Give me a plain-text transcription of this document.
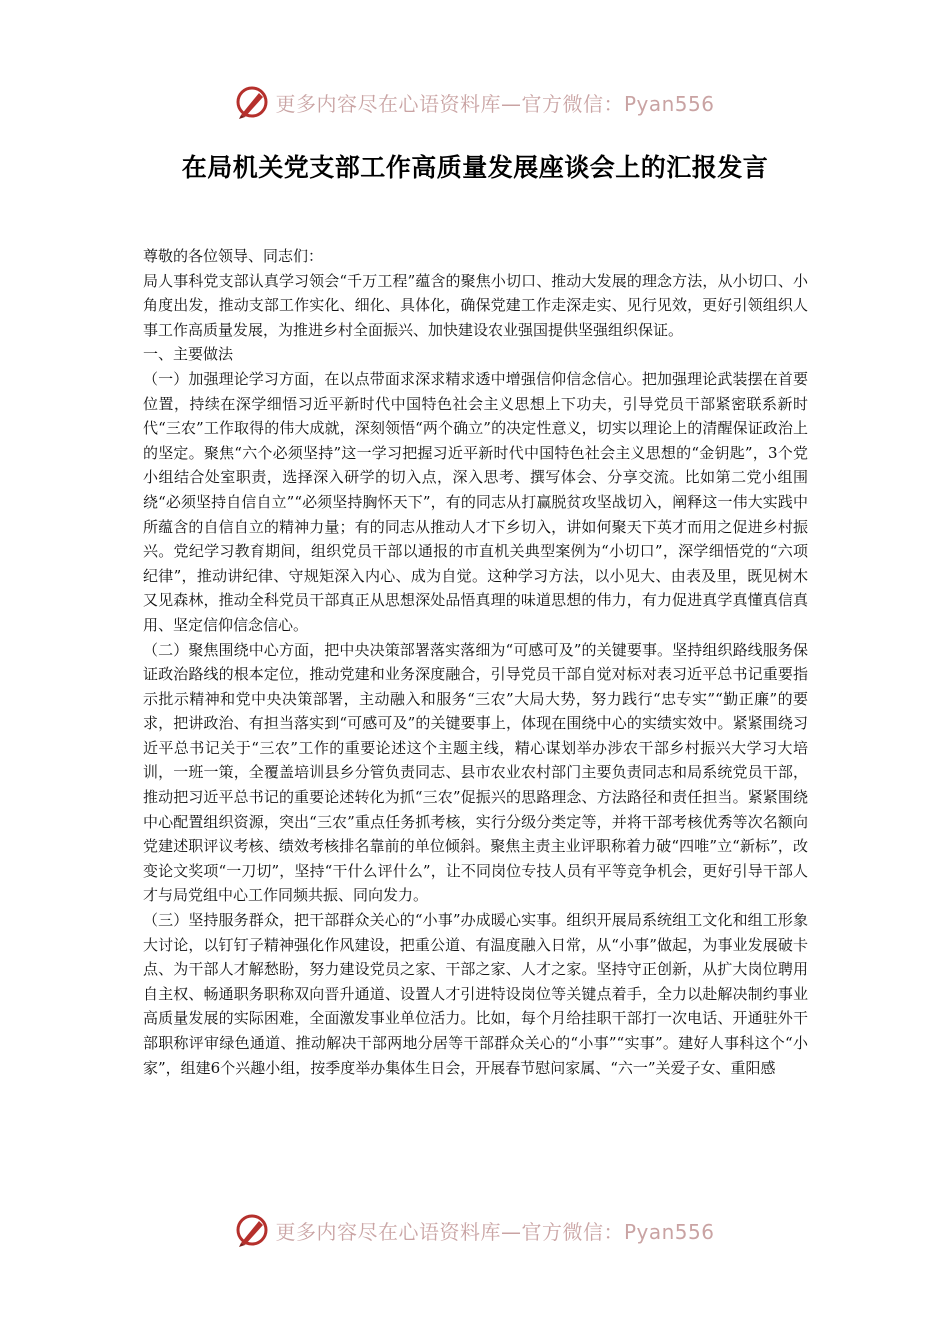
更多内容尽在心语资料库—官方微信：Pyan556
在局机关党支部工作高质量发展座谈会上的汇报发言

尊敬的各位领导、同志们：

局人事科党支部认真学习领会“千万工程”蕴含的聚焦小切口、推动大发展的理念方法，从小切口、小角度出发，推动支部工作实化、细化、具体化，确保党建工作走深走实、见行见效，更好引领组织人事工作高质量发展，为推进乡村全面振兴、加快建设农业强国提供坚强组织保证。

一、主要做法

（一）加强理论学习方面，在以点带面求深求精求透中增强信仰信念信心。把加强理论武装摆在首要位置，持续在深学细悟习近平新时代中国特色社会主义思想上下功夫，引导党员干部紧密联系新时代“三农”工作取得的伟大成就，深刻领悟“两个确立”的决定性意义，切实以理论上的清醒保证政治上的坚定。聚焦“六个必须坚持”这一学习把握习近平新时代中国特色社会主义思想的“金钥匙”，3个党小组结合处室职责，选择深入研学的切入点，深入思考、撰写体会、分享交流。比如第二党小组围绕“必须坚持自信自立”“必须坚持胸怀天下”，有的同志从打赢脱贫攻坚战切入，阐释这一伟大实践中所蕴含的自信自立的精神力量；有的同志从推动人才下乡切入，讲如何聚天下英才而用之促进乡村振兴。党纪学习教育期间，组织党员干部以通报的市直机关典型案例为“小切口”，深学细悟党的“六项纪律”，推动讲纪律、守规矩深入内心、成为自觉。这种学习方法，以小见大、由表及里，既见树木又见森林，推动全科党员干部真正从思想深处品悟真理的味道思想的伟力，有力促进真学真懂真信真用、坚定信仰信念信心。

（二）聚焦围绕中心方面，把中央决策部署落实落细为“可感可及”的关键要事。坚持组织路线服务保证政治路线的根本定位，推动党建和业务深度融合，引导党员干部自觉对标对表习近平总书记重要指示批示精神和党中央决策部署，主动融入和服务“三农”大局大势，努力践行“忠专实”“勤正廉”的要求，把讲政治、有担当落实到“可感可及”的关键要事上，体现在围绕中心的实绩实效中。紧紧围绕习近平总书记关于“三农”工作的重要论述这个主题主线，精心谋划举办涉农干部乡村振兴大学习大培训，一班一策，全覆盖培训县乡分管负责同志、县市农业农村部门主要负责同志和局系统党员干部，推动把习近平总书记的重要论述转化为抓“三农”促振兴的思路理念、方法路径和责任担当。紧紧围绕中心配置组织资源，突出“三农”重点任务抓考核，实行分级分类定等，并将干部考核优秀等次名额向党建述职评议考核、绩效考核排名靠前的单位倾斜。聚焦主责主业评职称着力破“四唯”立“新标”，改变论文奖项“一刀切”，坚持“干什么评什么”，让不同岗位专技人员有平等竞争机会，更好引导干部人才与局党组中心工作同频共振、同向发力。

（三）坚持服务群众，把干部群众关心的“小事”办成暖心实事。组织开展局系统组工文化和组工形象大讨论，以钉钉子精神强化作风建设，把重公道、有温度融入日常，从“小事”做起，为事业发展破卡点、为干部人才解愁盼，努力建设党员之家、干部之家、人才之家。坚持守正创新，从扩大岗位聘用自主权、畅通职务职称双向晋升通道、设置人才引进特设岗位等关键点着手，全力以赴解决制约事业高质量发展的实际困难，全面激发事业单位活力。比如，每个月给挂职干部打一次电话、开通驻外干部职称评审绿色通道、推动解决干部两地分居等干部群众关心的“小事”“实事”。建好人事科这个“小家”，组建6个兴趣小组，按季度举办集体生日会，开展春节慰问家属、“六一”关爱子女、重阳感

更多内容尽在心语资料库—官方微信：Pyan556
